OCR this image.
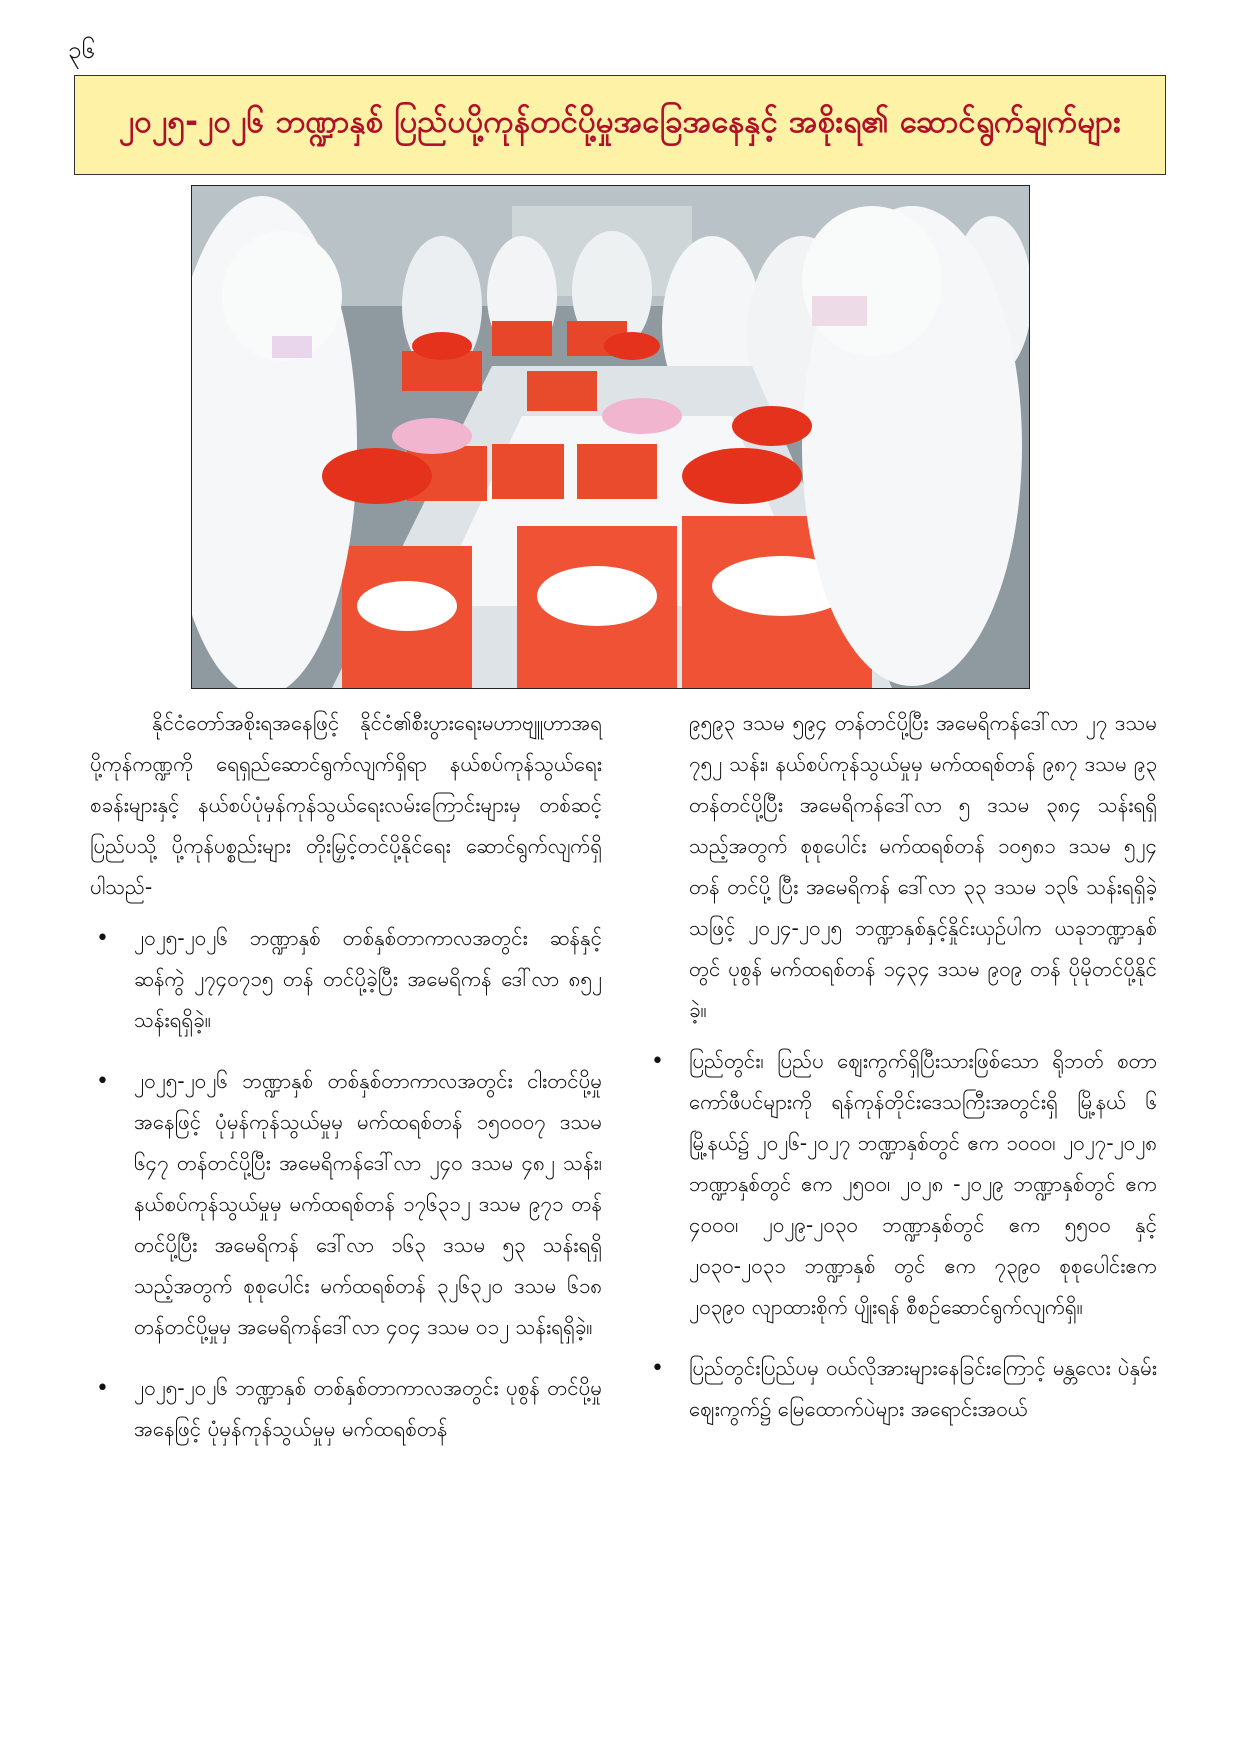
၃၆
၂၀၂၅-၂၀၂၆ ဘဏ္ဍာနှစ် ပြည်ပပို့ကုန်တင်ပို့မှုအခြေအနေနှင့် အစိုးရ၏ ဆောင်ရွက်ချက်များ

နိုင်ငံတော်အစိုးရအနေဖြင့် နိုင်ငံ၏စီးပွားရေးမဟာဗျူဟာအရ ပို့ကုန်ကဏ္ဍကို ရေရှည်ဆောင်ရွက်လျက်ရှိရာ နယ်စပ်ကုန်သွယ်ရေးစခန်းများနှင့် နယ်စပ်ပုံမှန်ကုန်သွယ်ရေးလမ်းကြောင်းများမှ တစ်ဆင့် ပြည်ပသို့ ပို့ကုန်ပစ္စည်းများ တိုးမြှင့်တင်ပို့နိုင်ရေး ဆောင်ရွက်လျက်ရှိပါသည်-

• ၂၀၂၅-၂၀၂၆ ဘဏ္ဍာနှစ် တစ်နှစ်တာကာလအတွင်း ဆန်နှင့်ဆန်ကွဲ ၂၇၄၀၇၁၅ တန် တင်ပို့ခဲ့ပြီး အမေရိကန် ဒေါ်လာ ၈၅၂ သန်းရရှိခဲ့။
• ၂၀၂၅-၂၀၂၆ ဘဏ္ဍာနှစ် တစ်နှစ်တာကာလအတွင်း ငါးတင်ပို့မှုအနေဖြင့် ပုံမှန်ကုန်သွယ်မှုမှ မက်ထရစ်တန် ၁၅၀၀၀၇ ဒသမ ၆၄၇ တန်တင်ပို့ပြီး အမေရိကန်ဒေါ်လာ ၂၄၀ ဒသမ ၄၈၂ သန်း၊ နယ်စပ်ကုန်သွယ်မှုမှ မက်ထရစ်တန် ၁၇၆၃၁၂ ဒသမ ၉၇၁ တန်တင်ပို့ပြီး အမေရိကန် ဒေါ်လာ ၁၆၃ ဒသမ ၅၃ သန်းရရှိသည့်အတွက် စုစုပေါင်း မက်ထရစ်တန် ၃၂၆၃၂၀ ဒသမ ၆၁၈ တန်တင်ပို့မှုမှ အမေရိကန်ဒေါ်လာ ၄၀၄ ဒသမ ၀၁၂ သန်းရရှိခဲ့။
• ၂၀၂၅-၂၀၂၆ ဘဏ္ဍာနှစ် တစ်နှစ်တာကာလအတွင်း ပုစွန် တင်ပို့မှုအနေဖြင့် ပုံမှန်ကုန်သွယ်မှုမှ မက်ထရစ်တန်

၉၅၉၃ ဒသမ ၅၉၄ တန်တင်ပို့ပြီး အမေရိကန်ဒေါ်လာ ၂၇ ဒသမ ၇၅၂ သန်း၊ နယ်စပ်ကုန်သွယ်မှုမှ မက်ထရစ်တန် ၉၈၇ ဒသမ ၉၃ တန်တင်ပို့ပြီး အမေရိကန်ဒေါ်လာ ၅ ဒသမ ၃၈၄ သန်းရရှိသည့်အတွက် စုစုပေါင်း မက်ထရစ်တန် ၁၀၅၈၁ ဒသမ ၅၂၄ တန် တင်ပို့ ပြီး အမေရိကန် ဒေါ်လာ ၃၃ ဒသမ ၁၃၆ သန်းရရှိခဲ့သဖြင့် ၂၀၂၄-၂၀၂၅ ဘဏ္ဍာနှစ်နှင့်နှိုင်းယှဉ်ပါက ယခုဘဏ္ဍာနှစ်တွင် ပုစွန် မက်ထရစ်တန် ၁၄၃၄ ဒသမ ၉၀၉ တန် ပိုမိုတင်ပို့နိုင်ခဲ့။

• ပြည်တွင်း၊ ပြည်ပ ဈေးကွက်ရှိပြီးသားဖြစ်သော ရိုဘတ် စတာကော်ဖီပင်များကို ရန်ကုန်တိုင်းဒေသကြီးအတွင်းရှိ မြို့နယ် ၆ မြို့နယ်၌ ၂၀၂၆-၂၀၂၇ ဘဏ္ဍာနှစ်တွင် ဧက ၁၀၀၀၊ ၂၀၂၇-၂၀၂၈ ဘဏ္ဍာနှစ်တွင် ဧက ၂၅၀၀၊ ၂၀၂၈ -၂၀၂၉ ဘဏ္ဍာနှစ်တွင် ဧက ၄၀၀၀၊ ၂၀၂၉-၂၀၃၀ ဘဏ္ဍာနှစ်တွင် ဧက ၅၅၀၀ နှင့် ၂၀၃၀-၂၀၃၁ ဘဏ္ဍာနှစ် တွင် ဧက ၇၃၉၀ စုစုပေါင်းဧက ၂၀၃၉၀ လျာထားစိုက် ပျိုးရန် စီစဉ်ဆောင်ရွက်လျက်ရှိ။
• ပြည်တွင်းပြည်ပမှ ဝယ်လိုအားများနေခြင်းကြောင့် မန္တလေး ပဲနှမ်းဈေးကွက်၌ မြေထောက်ပဲများ အရောင်းအဝယ်
